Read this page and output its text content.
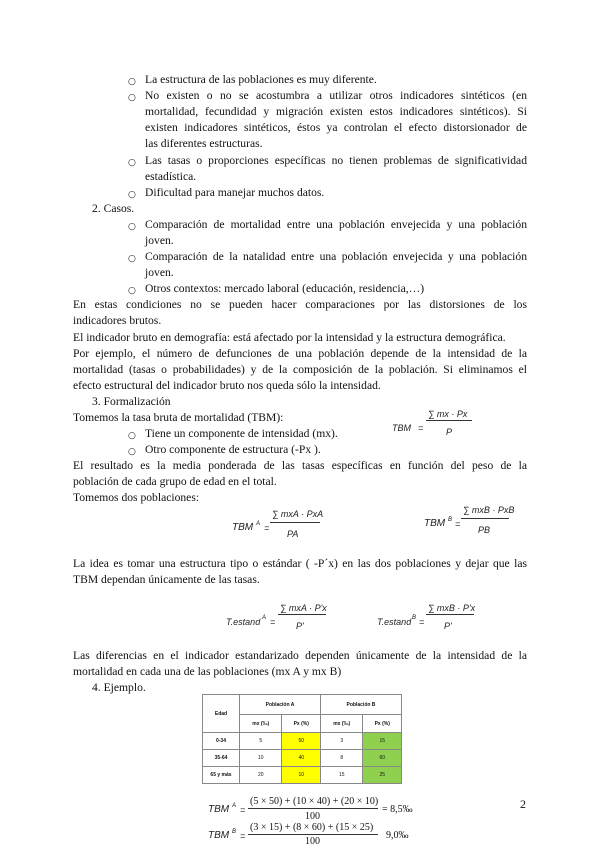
○ La estructura de las poblaciones es muy diferente.
○ No existen o no se acostumbra a utilizar otros indicadores sintéticos (en
mortalidad, fecundidad y migración existen estos indicadores sintéticos). Si
existen indicadores sintéticos, éstos ya controlan el efecto distorsionador de
las diferentes estructuras.
○ Las tasas o proporciones específicas no tienen problemas de significatividad
estadística.
○ Dificultad para manejar muchos datos.
2. Casos.
○ Comparación de mortalidad entre una población envejecida y una población
joven.
○ Comparación de la natalidad entre una población envejecida y una población
joven.
○ Otros contextos: mercado laboral (educación, residencia,…)
En estas condiciones no se pueden hacer comparaciones por las distorsiones de los
indicadores brutos.
El indicador bruto en demografía: está afectado por la intensidad y la estructura demográfica.
Por ejemplo, el número de defunciones de una población depende de la intensidad de la
mortalidad (tasas o probabilidades) y de la composición de la población. Si eliminamos el
efecto estructural del indicador bruto nos queda sólo la intensidad.
3. Formalización
Tomemos la tasa bruta de mortalidad (TBM):
○ Tiene un componente de intensidad (mx).
○ Otro componente de estructura (-Px ).
TBM =
∑ mx · Px
P
El resultado es la media ponderada de las tasas específicas en función del peso de la
población de cada grupo de edad en el total.
Tomemos dos poblaciones:
TBM A =
∑ mxA · PxA
PA
TBM B =
∑ mxB · PxB
PB
La idea es tomar una estructura tipo o estándar ( -P´x) en las dos poblaciones y dejar que las
TBM dependan únicamente de las tasas.
T.estand A =
∑ mxA · P'x
P'	T.estand B =
∑ mxB · P'x
P'
Las diferencias en el indicador estandarizado dependen únicamente de la intensidad de la
mortalidad en cada una de las poblaciones (mx A y mx B)
4. Ejemplo.
Edad	Población A		Población B	
	mx (‰)	Px (%)	mx (‰)	Px (%)
0-34	5	50	3	15
35-64	10	40	8	60
65 y más	20	10	15	25
TBM A =
(5 × 50) + (10 × 40) + (20 × 10)
100
= 8,5‰
TBM B =
(3 × 15) + (8 × 60) + (15 × 25)
100
9,0‰
2
